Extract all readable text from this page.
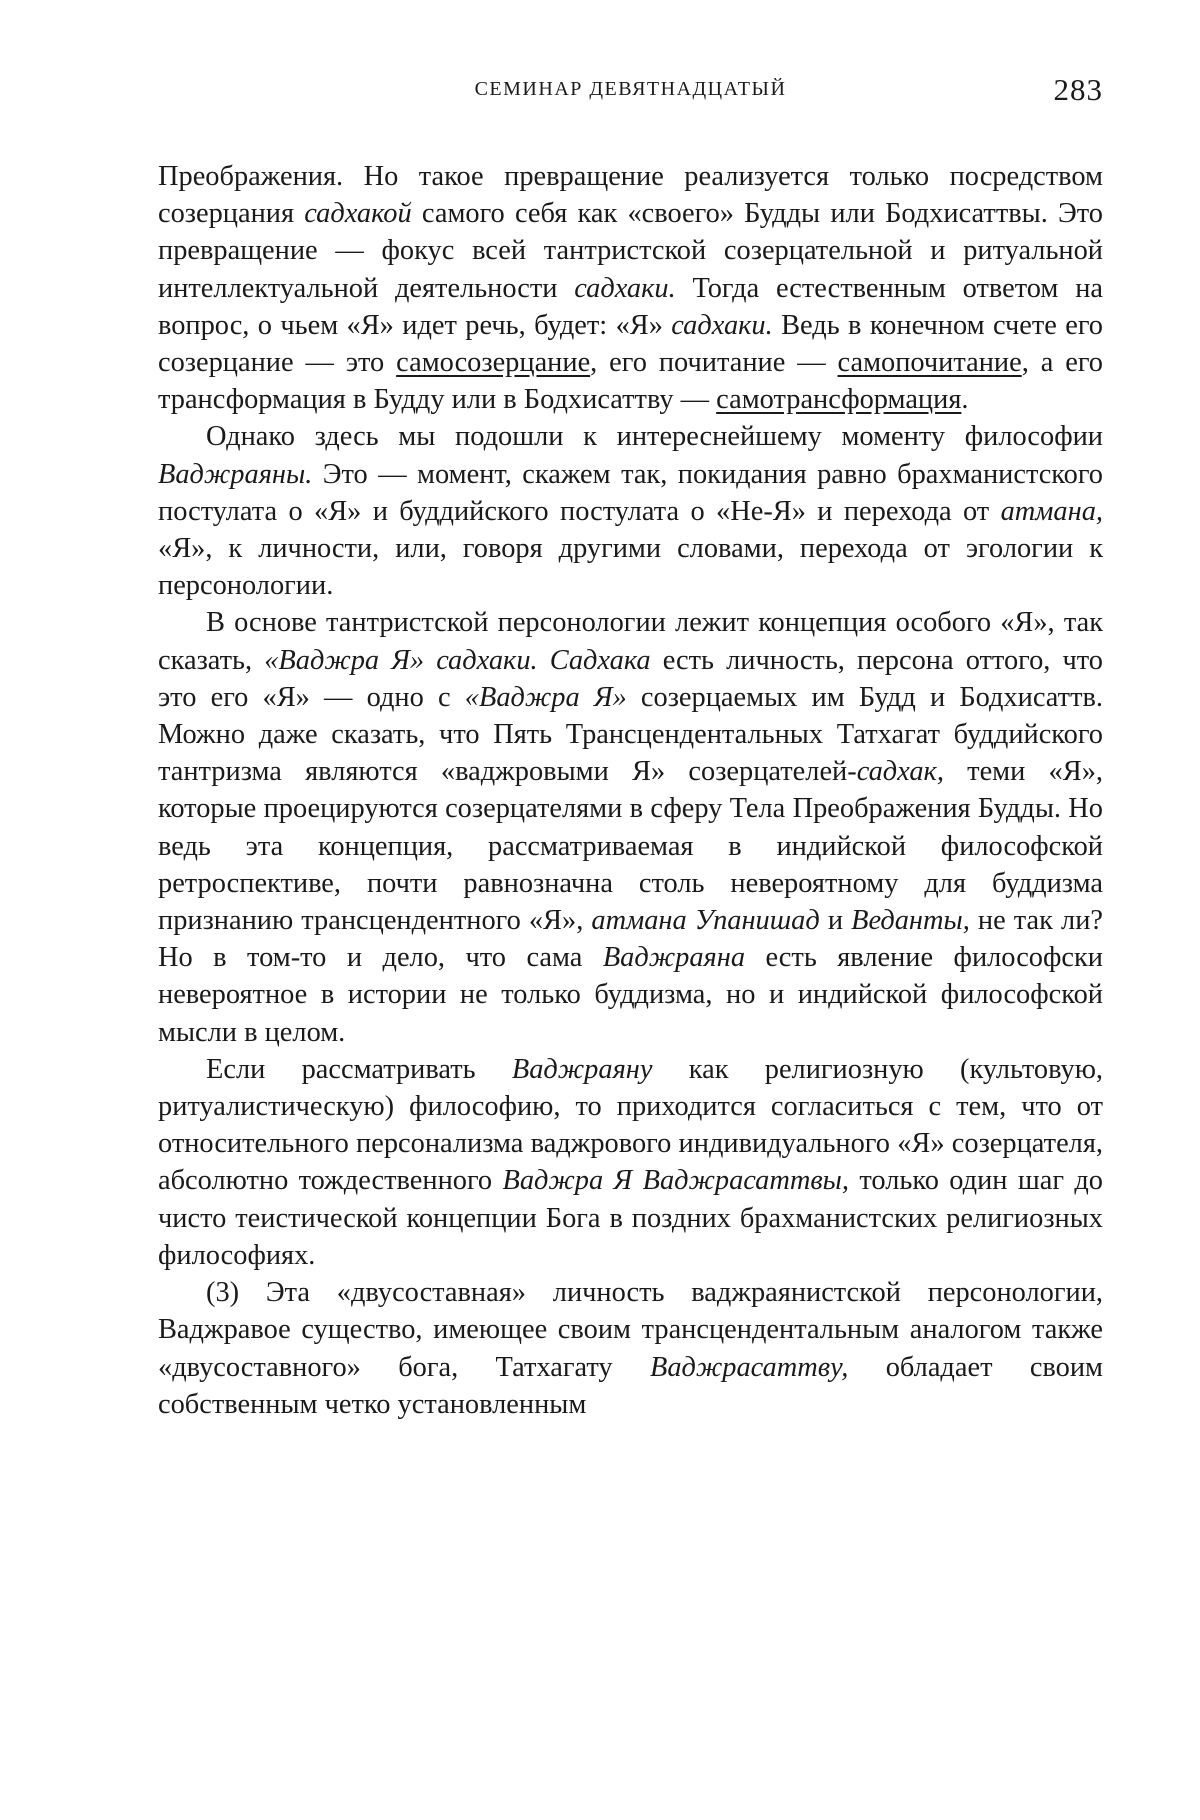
СЕМИНАР ДЕВЯТНАДЦАТЫЙ	283

Преображения. Но такое превращение реализуется только посредством созерцания садхакой самого себя как «своего» Будды или Бодхисаттвы. Это превращение — фокус всей тантристской созерцательной и ритуальной интеллектуальной деятельности садхаки. Тогда естественным ответом на вопрос, о чьем «Я» идет речь, будет: «Я» садхаки. Ведь в конечном счете его созерцание — это самосозерцание, его почитание — самопочитание, а его трансформация в Будду или в Бодхисаттву — самотрансформация.

Однако здесь мы подошли к интереснейшему моменту философии Ваджраяны. Это — момент, скажем так, покидания равно брахманистского постулата о «Я» и буддийского постулата о «Не-Я» и перехода от атмана, «Я», к личности, или, говоря другими словами, перехода от эгологии к персонологии.

В основе тантристской персонологии лежит концепция особого «Я», так сказать, «Ваджра Я» садхаки. Садхака есть личность, персона оттого, что это его «Я» — одно с «Ваджра Я» созерцаемых им Будд и Бодхисаттв. Можно даже сказать, что Пять Трансцендентальных Татхагат буддийского тантризма являются «ваджровыми Я» созерцателей-садхак, теми «Я», которые проецируются созерцателями в сферу Тела Преображения Будды. Но ведь эта концепция, рассматриваемая в индийской философской ретроспективе, почти равнозначна столь невероятному для буддизма признанию трансцендентного «Я», атмана Упанишад и Веданты, не так ли? Но в том-то и дело, что сама Ваджраяна есть явление философски невероятное в истории не только буддизма, но и индийской философской мысли в целом.

Если рассматривать Ваджраяну как религиозную (культовую, ритуалистическую) философию, то приходится согласиться с тем, что от относительного персонализма ваджрового индивидуального «Я» созерцателя, абсолютно тождественного Ваджра Я Ваджрасаттвы, только один шаг до чисто теистической концепции Бога в поздних брахманистских религиозных философиях.

(3) Эта «двусоставная» личность ваджраянистской персонологии, Ваджравое существо, имеющее своим трансцендентальным аналогом также «двусоставного» бога, Татхагату Ваджрасаттву, обладает своим собственным четко установленным
